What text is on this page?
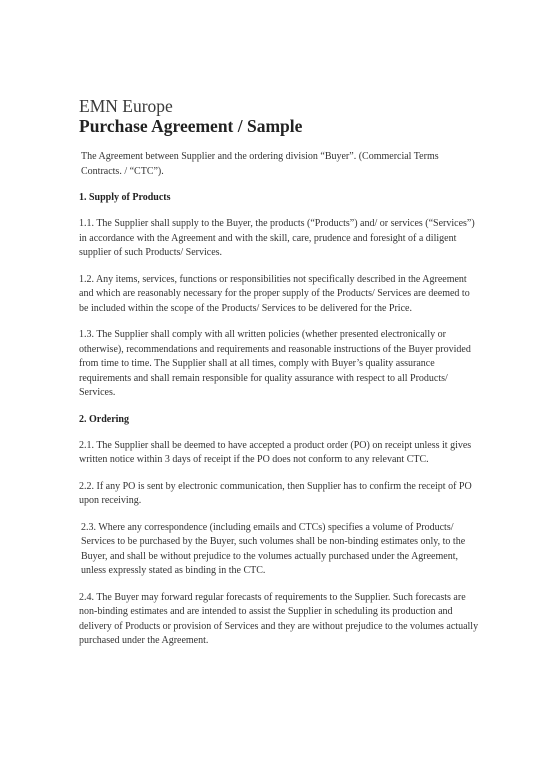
EMN Europe
Purchase Agreement / Sample

The Agreement between Supplier and the ordering division “Buyer”. (Commercial Terms Contracts. / “CTC”).

1. Supply of Products

1.1. The Supplier shall supply to the Buyer, the products (“Products”) and/ or services (“Services”) in accordance with the Agreement and with the skill, care, prudence and foresight of a diligent supplier of such Products/ Services.

1.2. Any items, services, functions or responsibilities not specifically described in the Agreement and which are reasonably necessary for the proper supply of the Products/ Services are deemed to be included within the scope of the Products/ Services to be delivered for the Price.

1.3. The Supplier shall comply with all written policies (whether presented electronically or otherwise), recommendations and requirements and reasonable instructions of the Buyer provided from time to time. The Supplier shall at all times, comply with Buyer’s quality assurance requirements and shall remain responsible for quality assurance with respect to all Products/ Services.

2. Ordering

2.1. The Supplier shall be deemed to have accepted a product order (PO) on receipt unless it gives written notice within 3 days of receipt if the PO does not conform to any relevant CTC.

2.2. If any PO is sent by electronic communication, then Supplier has to confirm the receipt of PO upon receiving.

2.3. Where any correspondence (including emails and CTCs) specifies a volume of Products/ Services to be purchased by the Buyer, such volumes shall be non-binding estimates only, to the Buyer, and shall be without prejudice to the volumes actually purchased under the Agreement, unless expressly stated as binding in the CTC.

2.4. The Buyer may forward regular forecasts of requirements to the Supplier. Such forecasts are non-binding estimates and are intended to assist the Supplier in scheduling its production and delivery of Products or provision of Services and they are without prejudice to the volumes actually purchased under the Agreement.
